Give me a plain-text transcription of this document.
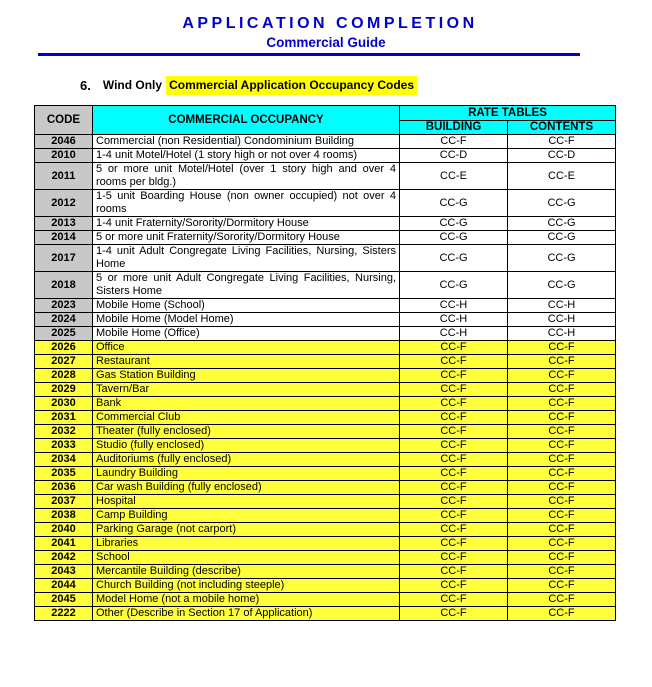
APPLICATION COMPLETION
Commercial Guide
6. Wind Only Commercial Application Occupancy Codes
CODE	COMMERCIAL OCCUPANCY	RATE TABLES	
		BUILDING	CONTENTS
2046	Commercial (non Residential) Condominium Building	CC-F	CC-F
2010	1-4 unit Motel/Hotel (1 story high or not over 4 rooms)	CC-D	CC-D
2011	5 or more unit Motel/Hotel (over 1 story high and over 4 rooms per bldg.)	CC-E	CC-E
2012	1-5 unit Boarding House (non owner occupied) not over 4 rooms	CC-G	CC-G
2013	1-4 unit Fraternity/Sorority/Dormitory House	CC-G	CC-G
2014	5 or more unit Fraternity/Sorority/Dormitory House	CC-G	CC-G
2017	1-4 unit Adult Congregate Living Facilities, Nursing, Sisters Home	CC-G	CC-G
2018	5 or more unit Adult Congregate Living Facilities, Nursing, Sisters Home	CC-G	CC-G
2023	Mobile Home (School)	CC-H	CC-H
2024	Mobile Home (Model Home)	CC-H	CC-H
2025	Mobile Home (Office)	CC-H	CC-H
2026	Office	CC-F	CC-F
2027	Restaurant	CC-F	CC-F
2028	Gas Station Building	CC-F	CC-F
2029	Tavern/Bar	CC-F	CC-F
2030	Bank	CC-F	CC-F
2031	Commercial Club	CC-F	CC-F
2032	Theater (fully enclosed)	CC-F	CC-F
2033	Studio (fully enclosed)	CC-F	CC-F
2034	Auditoriums (fully enclosed)	CC-F	CC-F
2035	Laundry Building	CC-F	CC-F
2036	Car wash Building (fully enclosed)	CC-F	CC-F
2037	Hospital	CC-F	CC-F
2038	Camp Building	CC-F	CC-F
2040	Parking Garage (not carport)	CC-F	CC-F
2041	Libraries	CC-F	CC-F
2042	School	CC-F	CC-F
2043	Mercantile Building (describe)	CC-F	CC-F
2044	Church Building (not including steeple)	CC-F	CC-F
2045	Model Home (not a mobile home)	CC-F	CC-F
2222	Other (Describe in Section 17 of Application)	CC-F	CC-F
